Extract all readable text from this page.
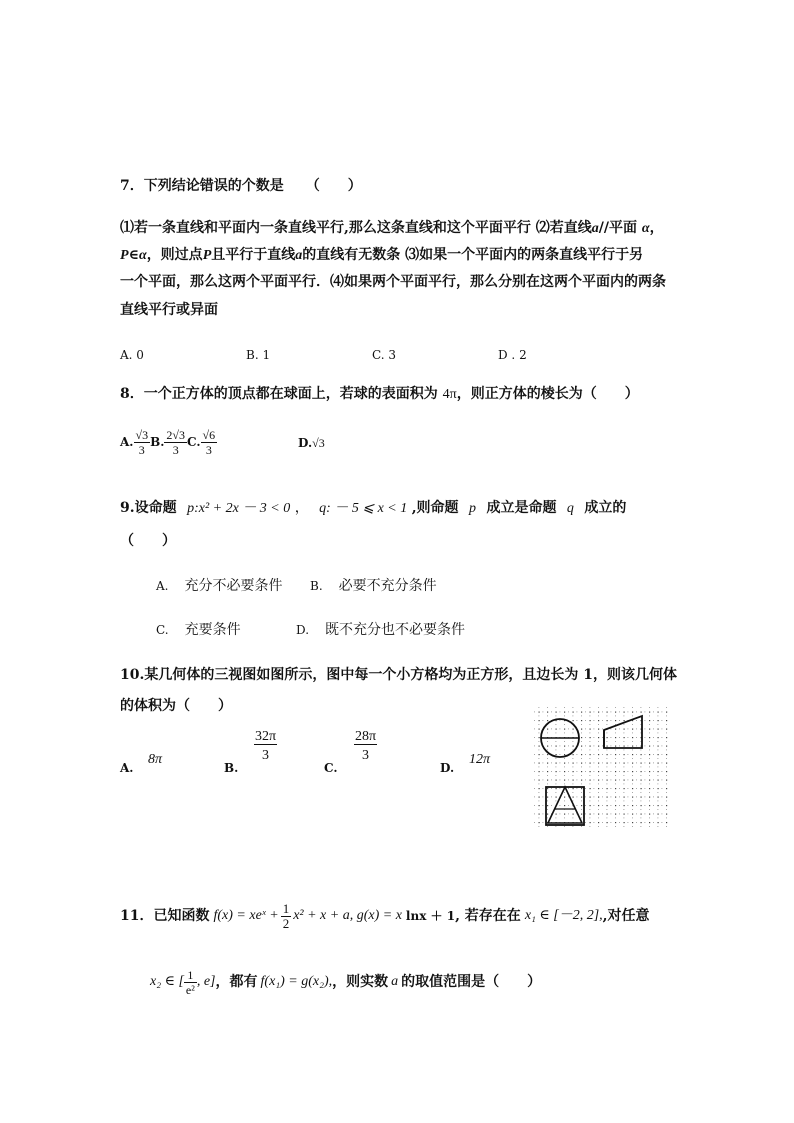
7．下列结论错误的个数是 （　　）
⑴若一条直线和平面内一条直线平行,那么这条直线和这个平面平行 ⑵若直线a//平面 α，
P∈α，则过点P且平行于直线a的直线有无数条 ⑶如果一个平面内的两条直线平行于另
一个平面，那么这两个平面平行．⑷如果两个平面平行，那么分别在这两个平面内的两条
直线平行或异面
A. 0	B. 1	C. 3	D . 2
8．一个正方体的顶点都在球面上，若球的表面积为 4π，则正方体的棱长为（　　）
A. $\frac{√3}{3} B$. $\frac{2√3}{3} C$. $\frac{√6}{3}$	D.√3
9.设命题 p:x² + 2x － 3 < 0 ， q: － 5 ⩽ x < 1 ,则命题 p 成立是命题 q 成立的
（　　）
A. 充分不必要条件 B. 必要不充分条件
C. 充要条件	D. 既不充分也不必要条件
10.某几何体的三视图如图所示，图中每一个小方格均为正方形，且边长为 1，则该几何体
的体积为（　　）
A.
8π
B.
$\frac{32\pi}{3}$
C.
$\frac{28\pi}{3}$
D.
12π
11．已知函数 f(x) = xeˣ + $\frac{1}{2} x^2 + x + a$, g(x) = x lnx ＋ 1 , 若存在在 x₁ ∈ [－2, 2], ,对任意
x₂ ∈ [ $\frac{1}{\text{e²}}$ , e] ，都有 f(x₁) = g(x₂), ，则实数 a 的取值范围是（　　）
